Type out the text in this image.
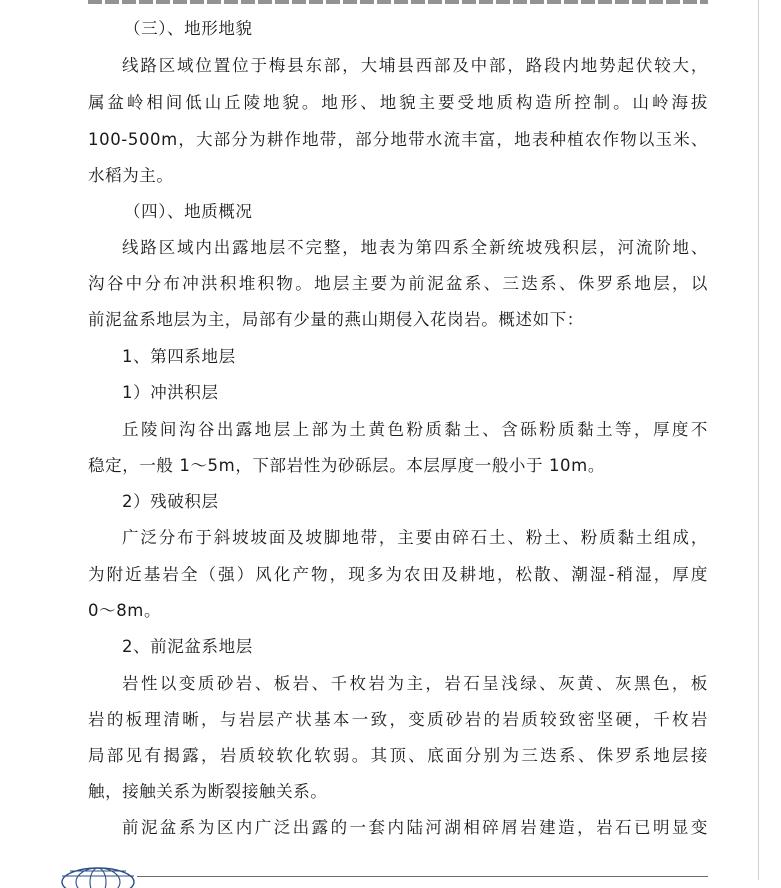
（三）、地形地貌
线路区域位置位于梅县东部，大埔县西部及中部，路段内地势起伏较大，
属盆岭相间低山丘陵地貌。地形、地貌主要受地质构造所控制。山岭海拔
100-500m，大部分为耕作地带，部分地带水流丰富，地表种植农作物以玉米、
水稻为主。
（四）、地质概况
线路区域内出露地层不完整，地表为第四系全新统坡残积层，河流阶地、
沟谷中分布冲洪积堆积物。地层主要为前泥盆系、三迭系、侏罗系地层，以
前泥盆系地层为主，局部有少量的燕山期侵入花岗岩。概述如下：
1、第四系地层
1）冲洪积层
丘陵间沟谷出露地层上部为土黄色粉质黏土、含砾粉质黏土等，厚度不
稳定，一般 1～5m，下部岩性为砂砾层。本层厚度一般小于 10m。
2）残破积层
广泛分布于斜坡坡面及坡脚地带，主要由碎石土、粉土、粉质黏土组成，
为附近基岩全（强）风化产物，现多为农田及耕地，松散、潮湿-稍湿，厚度
0～8m。
2、前泥盆系地层
岩性以变质砂岩、板岩、千枚岩为主，岩石呈浅绿、灰黄、灰黑色，板
岩的板理清晰，与岩层产状基本一致，变质砂岩的岩质较致密坚硬，千枚岩
局部见有揭露，岩质较软化软弱。其顶、底面分别为三迭系、侏罗系地层接
触，接触关系为断裂接触关系。
前泥盆系为区内广泛出露的一套内陆河湖相碎屑岩建造，岩石已明显变
